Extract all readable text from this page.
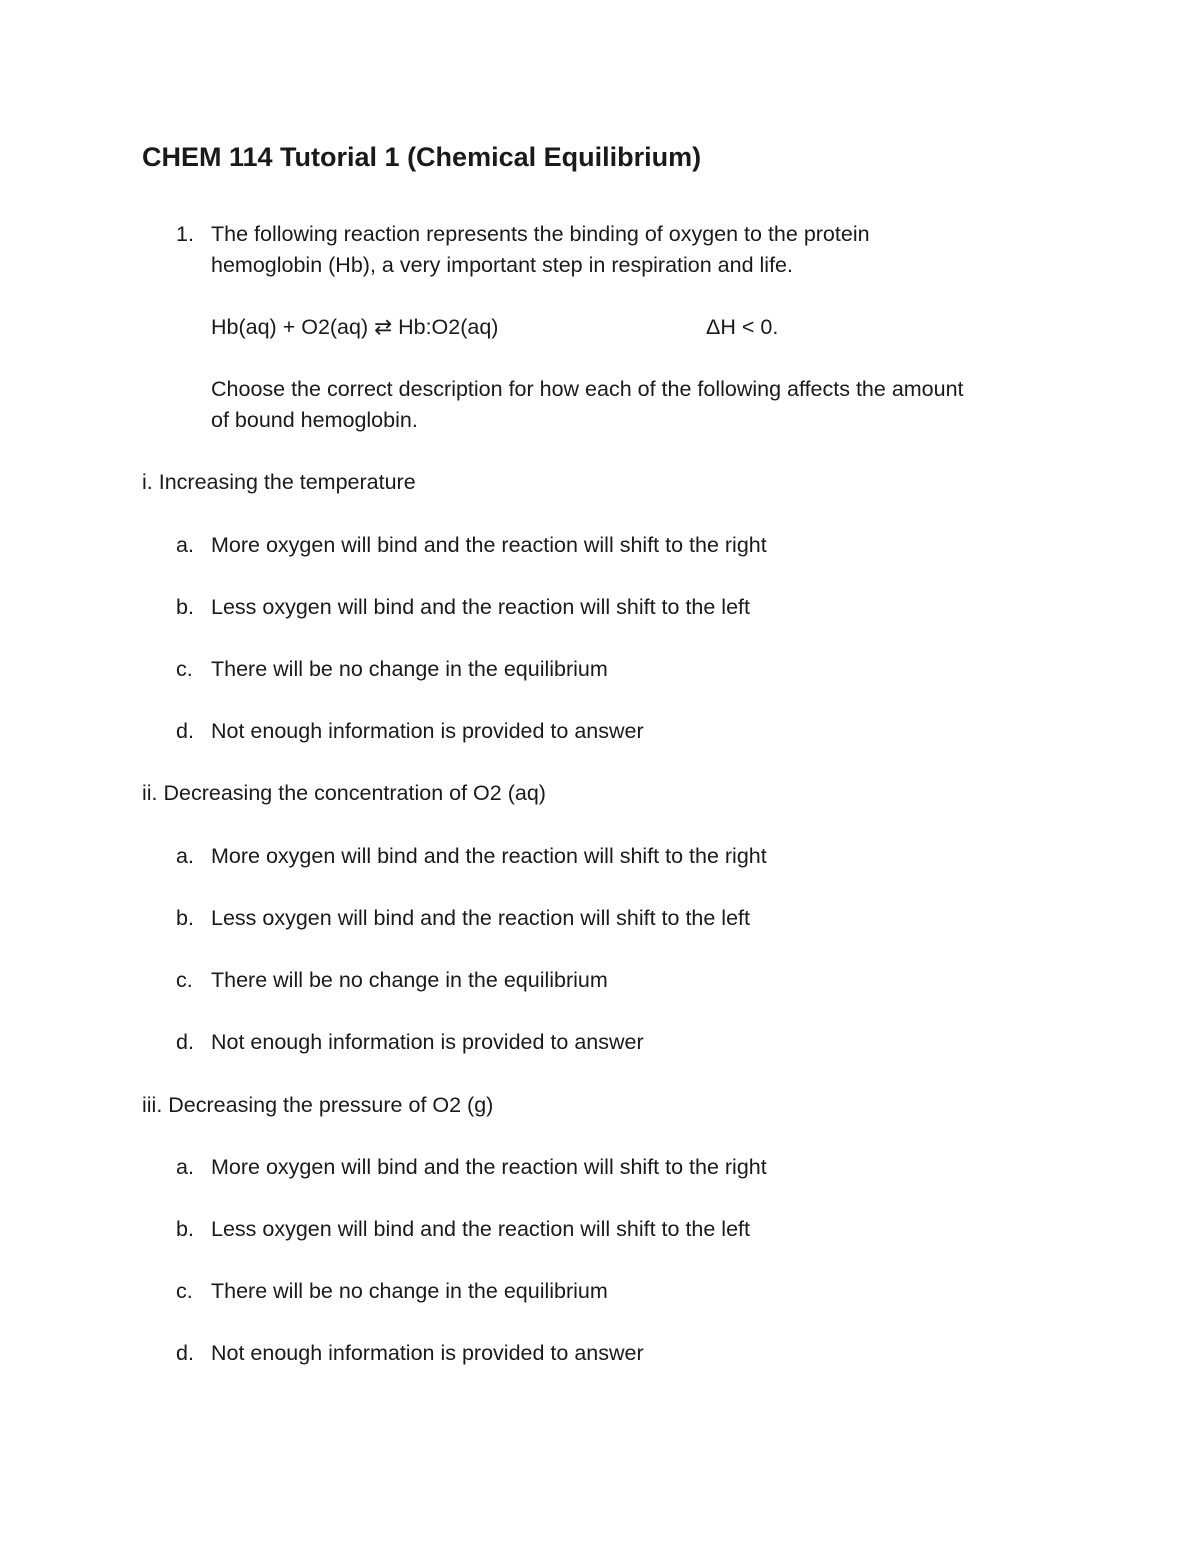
CHEM 114 Tutorial 1 (Chemical Equilibrium)
1. The following reaction represents the binding of oxygen to the protein
hemoglobin (Hb), a very important step in respiration and life.
Hb(aq) + O2(aq) ⇄ Hb:O2(aq)	ΔH < 0.
Choose the correct description for how each of the following affects the amount
of bound hemoglobin.
i. Increasing the temperature
a. More oxygen will bind and the reaction will shift to the right
b. Less oxygen will bind and the reaction will shift to the left
c. There will be no change in the equilibrium
d. Not enough information is provided to answer
ii. Decreasing the concentration of O2 (aq)
a. More oxygen will bind and the reaction will shift to the right
b. Less oxygen will bind and the reaction will shift to the left
c. There will be no change in the equilibrium
d. Not enough information is provided to answer
iii. Decreasing the pressure of O2 (g)
a. More oxygen will bind and the reaction will shift to the right
b. Less oxygen will bind and the reaction will shift to the left
c. There will be no change in the equilibrium
d. Not enough information is provided to answer
